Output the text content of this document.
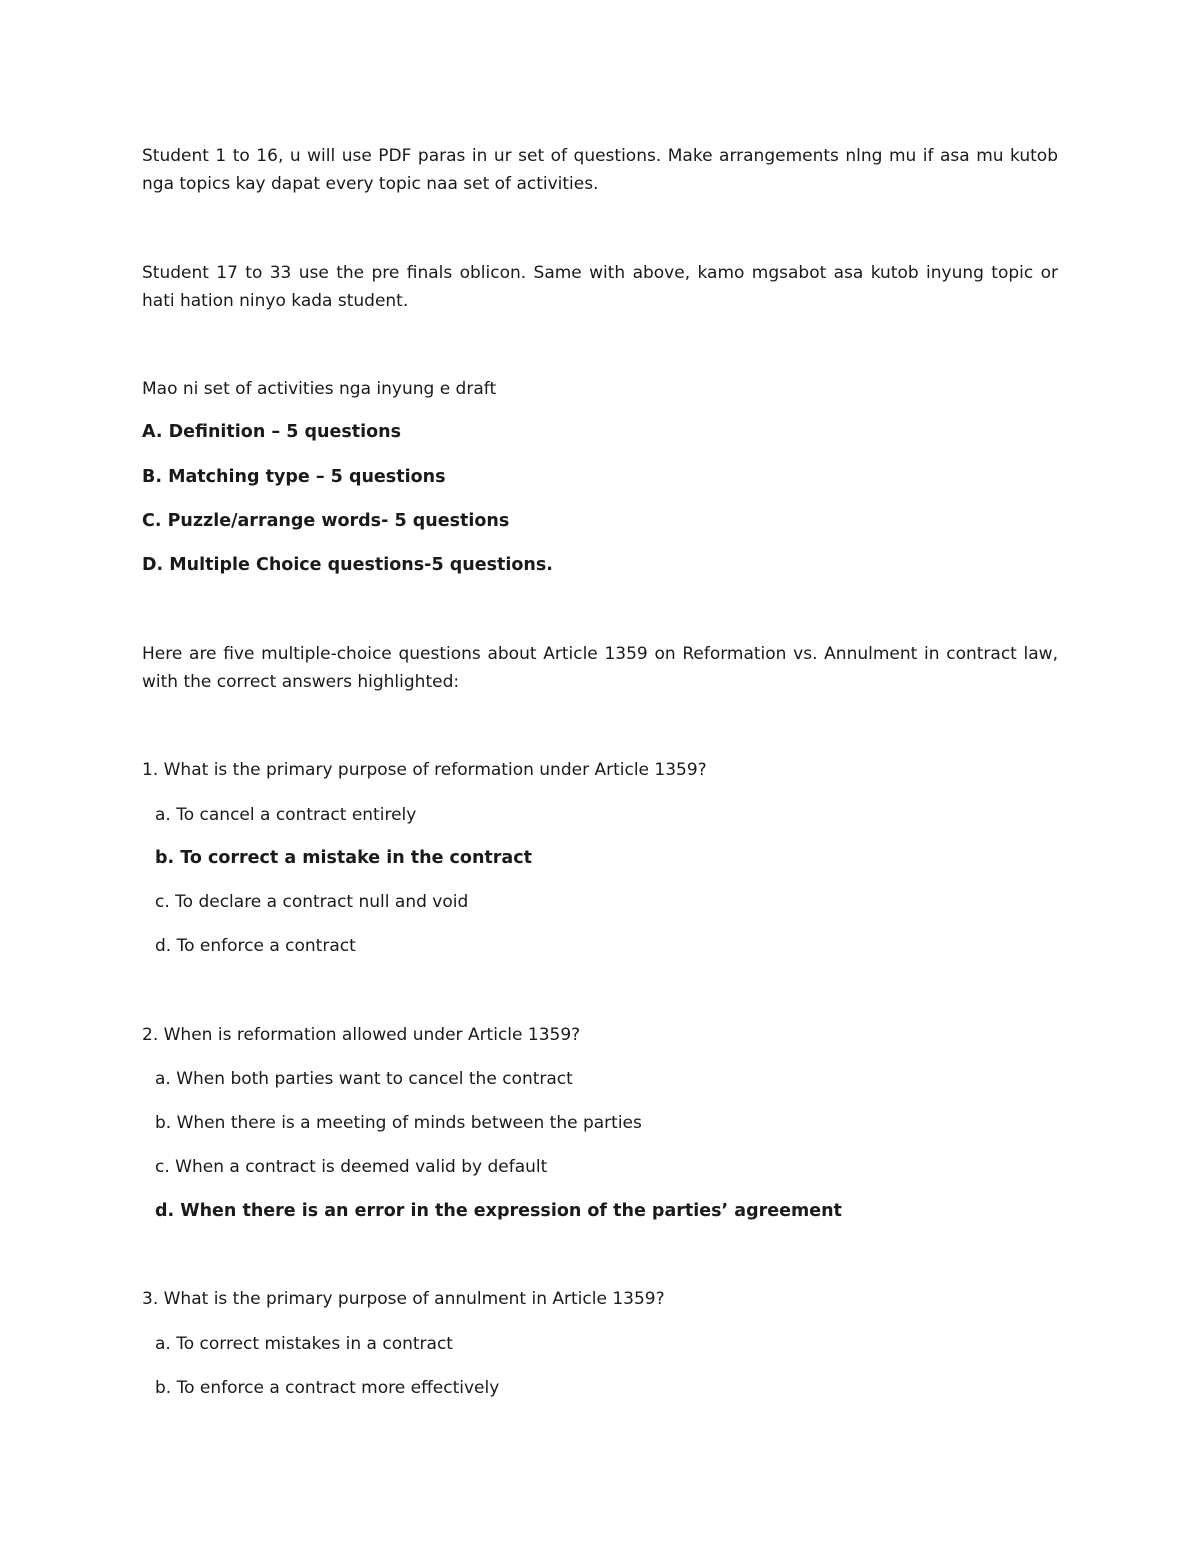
Student 1 to 16, u will use PDF paras in ur set of questions. Make arrangements nlng mu if asa mu kutob nga topics kay dapat every topic naa set of activities.
Student 17 to 33 use the pre finals oblicon. Same with above, kamo mgsabot asa kutob inyung topic or hati hation ninyo kada student.
Mao ni set of activities nga inyung e draft
A. Definition – 5 questions
B. Matching type – 5 questions
C. Puzzle/arrange words- 5 questions
D. Multiple Choice questions-5 questions.
Here are five multiple-choice questions about Article 1359 on Reformation vs. Annulment in contract law, with the correct answers highlighted:
1. What is the primary purpose of reformation under Article 1359?
a. To cancel a contract entirely
b. To correct a mistake in the contract
c. To declare a contract null and void
d. To enforce a contract
2. When is reformation allowed under Article 1359?
a. When both parties want to cancel the contract
b. When there is a meeting of minds between the parties
c. When a contract is deemed valid by default
d. When there is an error in the expression of the parties’ agreement
3. What is the primary purpose of annulment in Article 1359?
a. To correct mistakes in a contract
b. To enforce a contract more effectively
